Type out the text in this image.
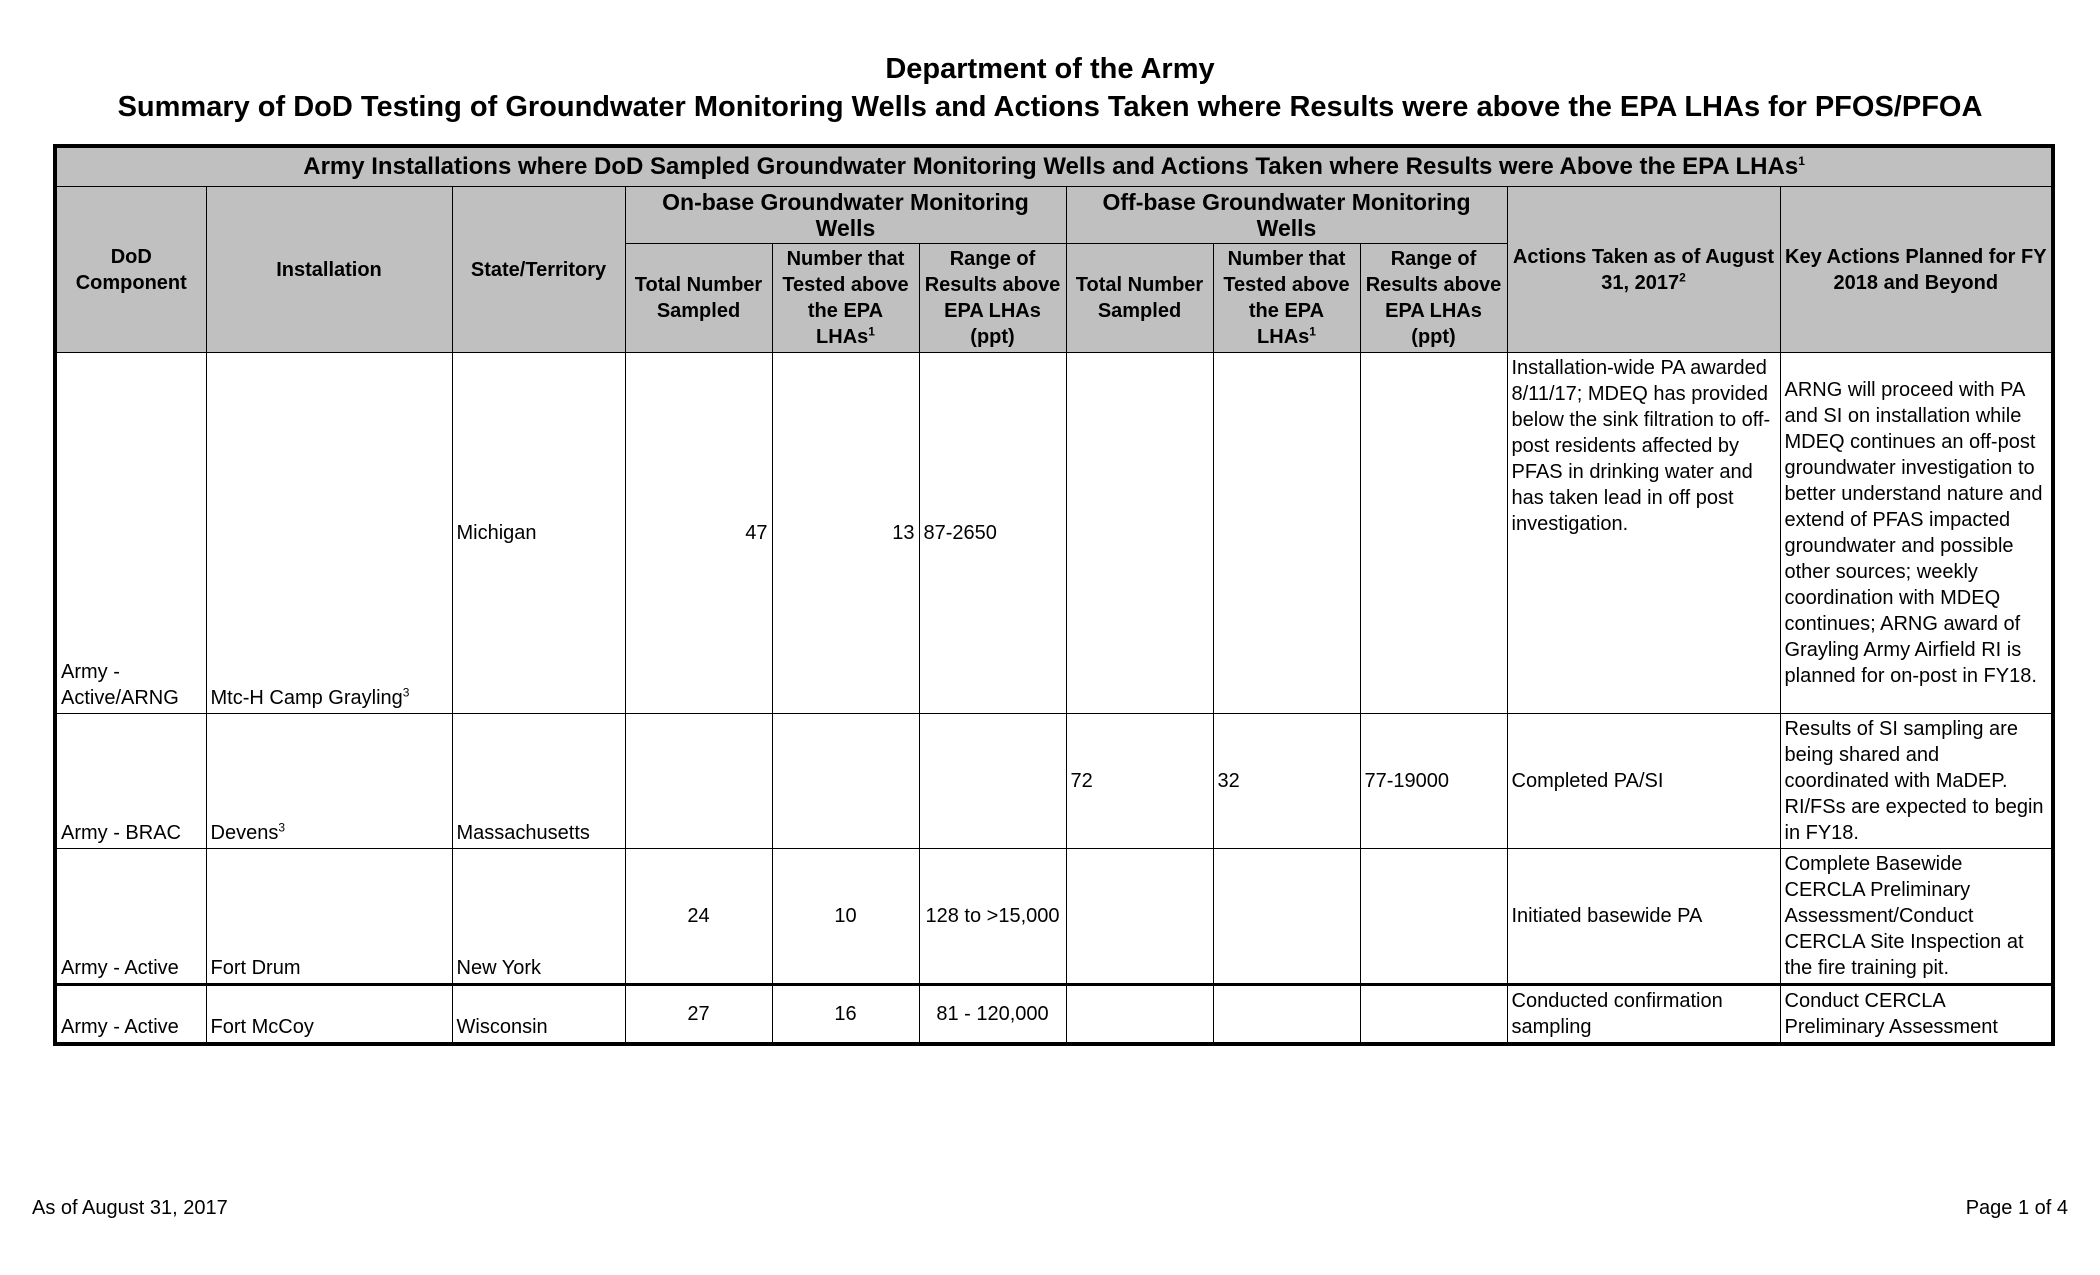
Department of the Army
Summary of DoD Testing of Groundwater Monitoring Wells and Actions Taken where Results were above the EPA LHAs for PFOS/PFOA
Army Installations where DoD Sampled Groundwater Monitoring Wells and Actions Taken where Results were Above the EPA LHAs$^1$
DoD Component	Installation	State/Territory	On-base Groundwater Monitoring Wells			Off-base Groundwater Monitoring Wells			Actions Taken as of August 31, 2017$^2$	Key Actions Planned for FY 2018 and Beyond
			Total Number Sampled	Number that Tested above the EPA LHAs$^1$	Range of Results above EPA LHAs (ppt)	Total Number Sampled	Number that Tested above the EPA LHAs$^1$	Range of Results above EPA LHAs (ppt)		
Army - Active/ARNG	Mtc-H Camp Grayling$^3$	Michigan	47	13	87-2650				Installation-wide PA awarded 8/11/17; MDEQ has provided below the sink filtration to off-post residents affected by PFAS in drinking water and has taken lead in off post investigation.	ARNG will proceed with PA and SI on installation while MDEQ continues an off-post groundwater investigation to better understand nature and extend of PFAS impacted groundwater and possible other sources; weekly coordination with MDEQ continues; ARNG award of Grayling Army Airfield RI is planned for on-post in FY18.
Army - BRAC	Devens$^3$	Massachusetts				72	32	77-19000	Completed PA/SI	Results of SI sampling are being shared and coordinated with MaDEP. RI/FSs are expected to begin in FY18.
Army - Active	Fort Drum	New York	24	10	128 to >15,000				Initiated basewide PA	Complete Basewide CERCLA Preliminary Assessment/Conduct CERCLA Site Inspection at the fire training pit.
Army - Active	Fort McCoy	Wisconsin	27	16	81 - 120,000				Conducted confirmation sampling	Conduct CERCLA Preliminary Assessment
As of August 31, 2017	Page 1 of 4
